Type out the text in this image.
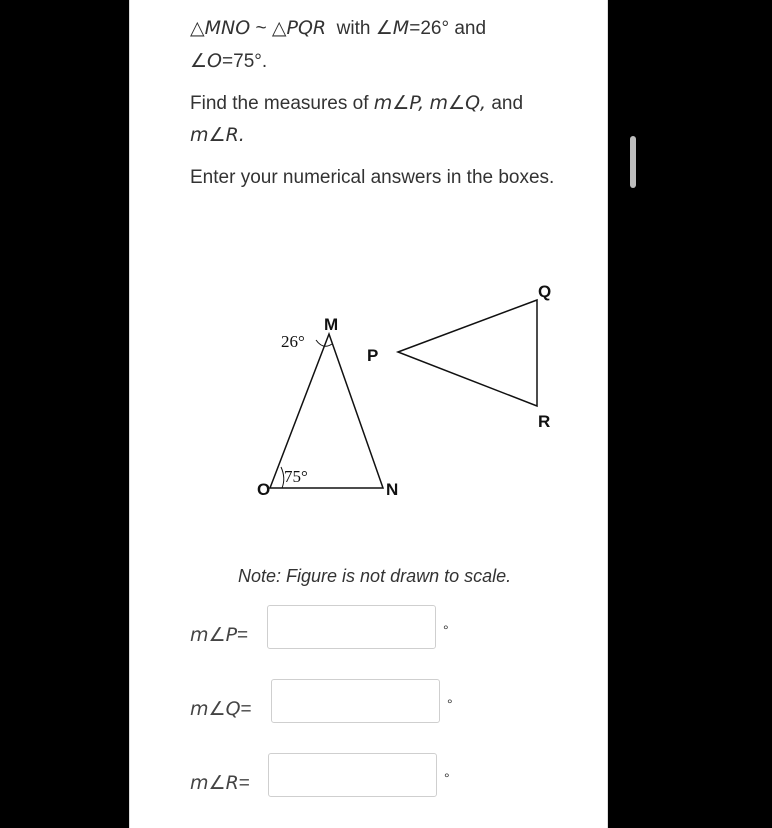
△MNO ~ △PQR with ∠M=26° and
∠O=75°.
Find the measures of m∠P, m∠Q, and
m∠R.
Enter your numerical answers in the boxes.
M
N
O
P
Q
R
26°
75°
Note: Figure is not drawn to scale.
m∠P=	°
m∠Q=	°
m∠R=	°
